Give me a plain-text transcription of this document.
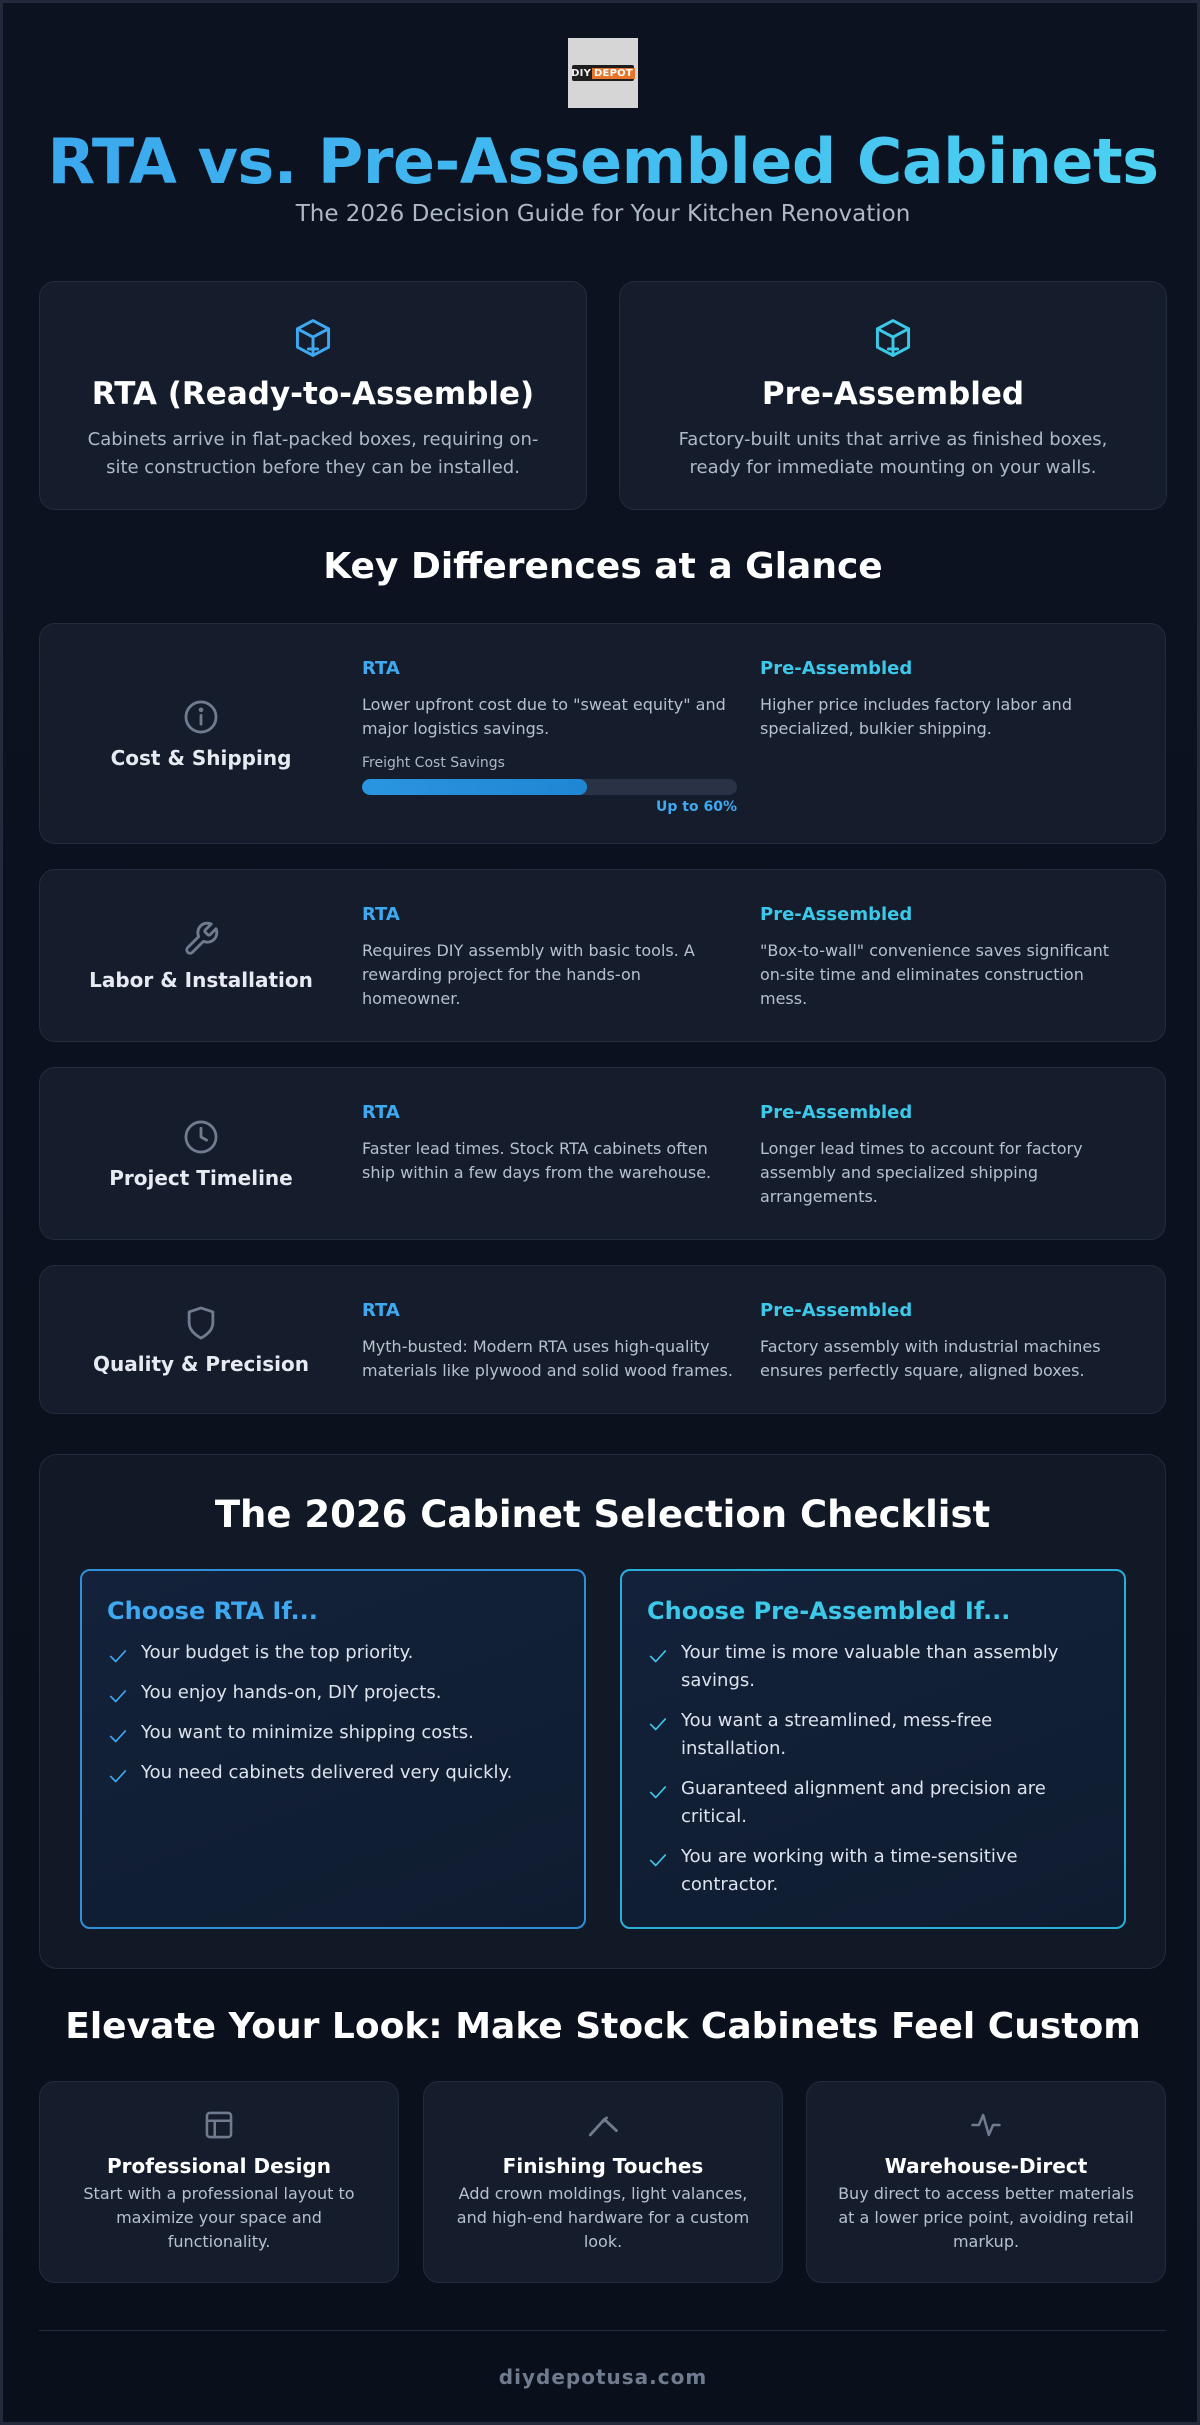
DIY DEPOT
RTA vs. Pre-Assembled Cabinets
The 2026 Decision Guide for Your Kitchen Renovation
RTA (Ready-to-Assemble)

Cabinets arrive in flat-packed boxes, requiring on-site construction before they can be installed.

Pre-Assembled

Factory-built units that arrive as finished boxes, ready for immediate mounting on your walls.

Key Differences at a Glance
Cost & Shipping
RTA

Lower upfront cost due to "sweat equity" and major logistics savings.

Freight Cost Savings
Up to 60%
Pre-Assembled

Higher price includes factory labor and specialized, bulkier shipping.

Labor & Installation
RTA

Requires DIY assembly with basic tools. A rewarding project for the hands-on homeowner.

Pre-Assembled

"Box-to-wall" convenience saves significant on-site time and eliminates construction mess.

Project Timeline
RTA

Faster lead times. Stock RTA cabinets often ship within a few days from the warehouse.

Pre-Assembled

Longer lead times to account for factory assembly and specialized shipping arrangements.

Quality & Precision
RTA

Myth-busted: Modern RTA uses high-quality materials like plywood and solid wood frames.

Pre-Assembled

Factory assembly with industrial machines ensures perfectly square, aligned boxes.

The 2026 Cabinet Selection Checklist
Choose RTA If...
Your budget is the top priority.
You enjoy hands-on, DIY projects.
You want to minimize shipping costs.
You need cabinets delivered very quickly.
Choose Pre-Assembled If...
Your time is more valuable than assembly savings.
You want a streamlined, mess-free installation.
Guaranteed alignment and precision are critical.
You are working with a time-sensitive contractor.
Elevate Your Look: Make Stock Cabinets Feel Custom
Professional Design

Start with a professional layout to maximize your space and functionality.

Finishing Touches

Add crown moldings, light valances, and high-end hardware for a custom look.

Warehouse-Direct

Buy direct to access better materials at a lower price point, avoiding retail markup.

diydepotusa.com
